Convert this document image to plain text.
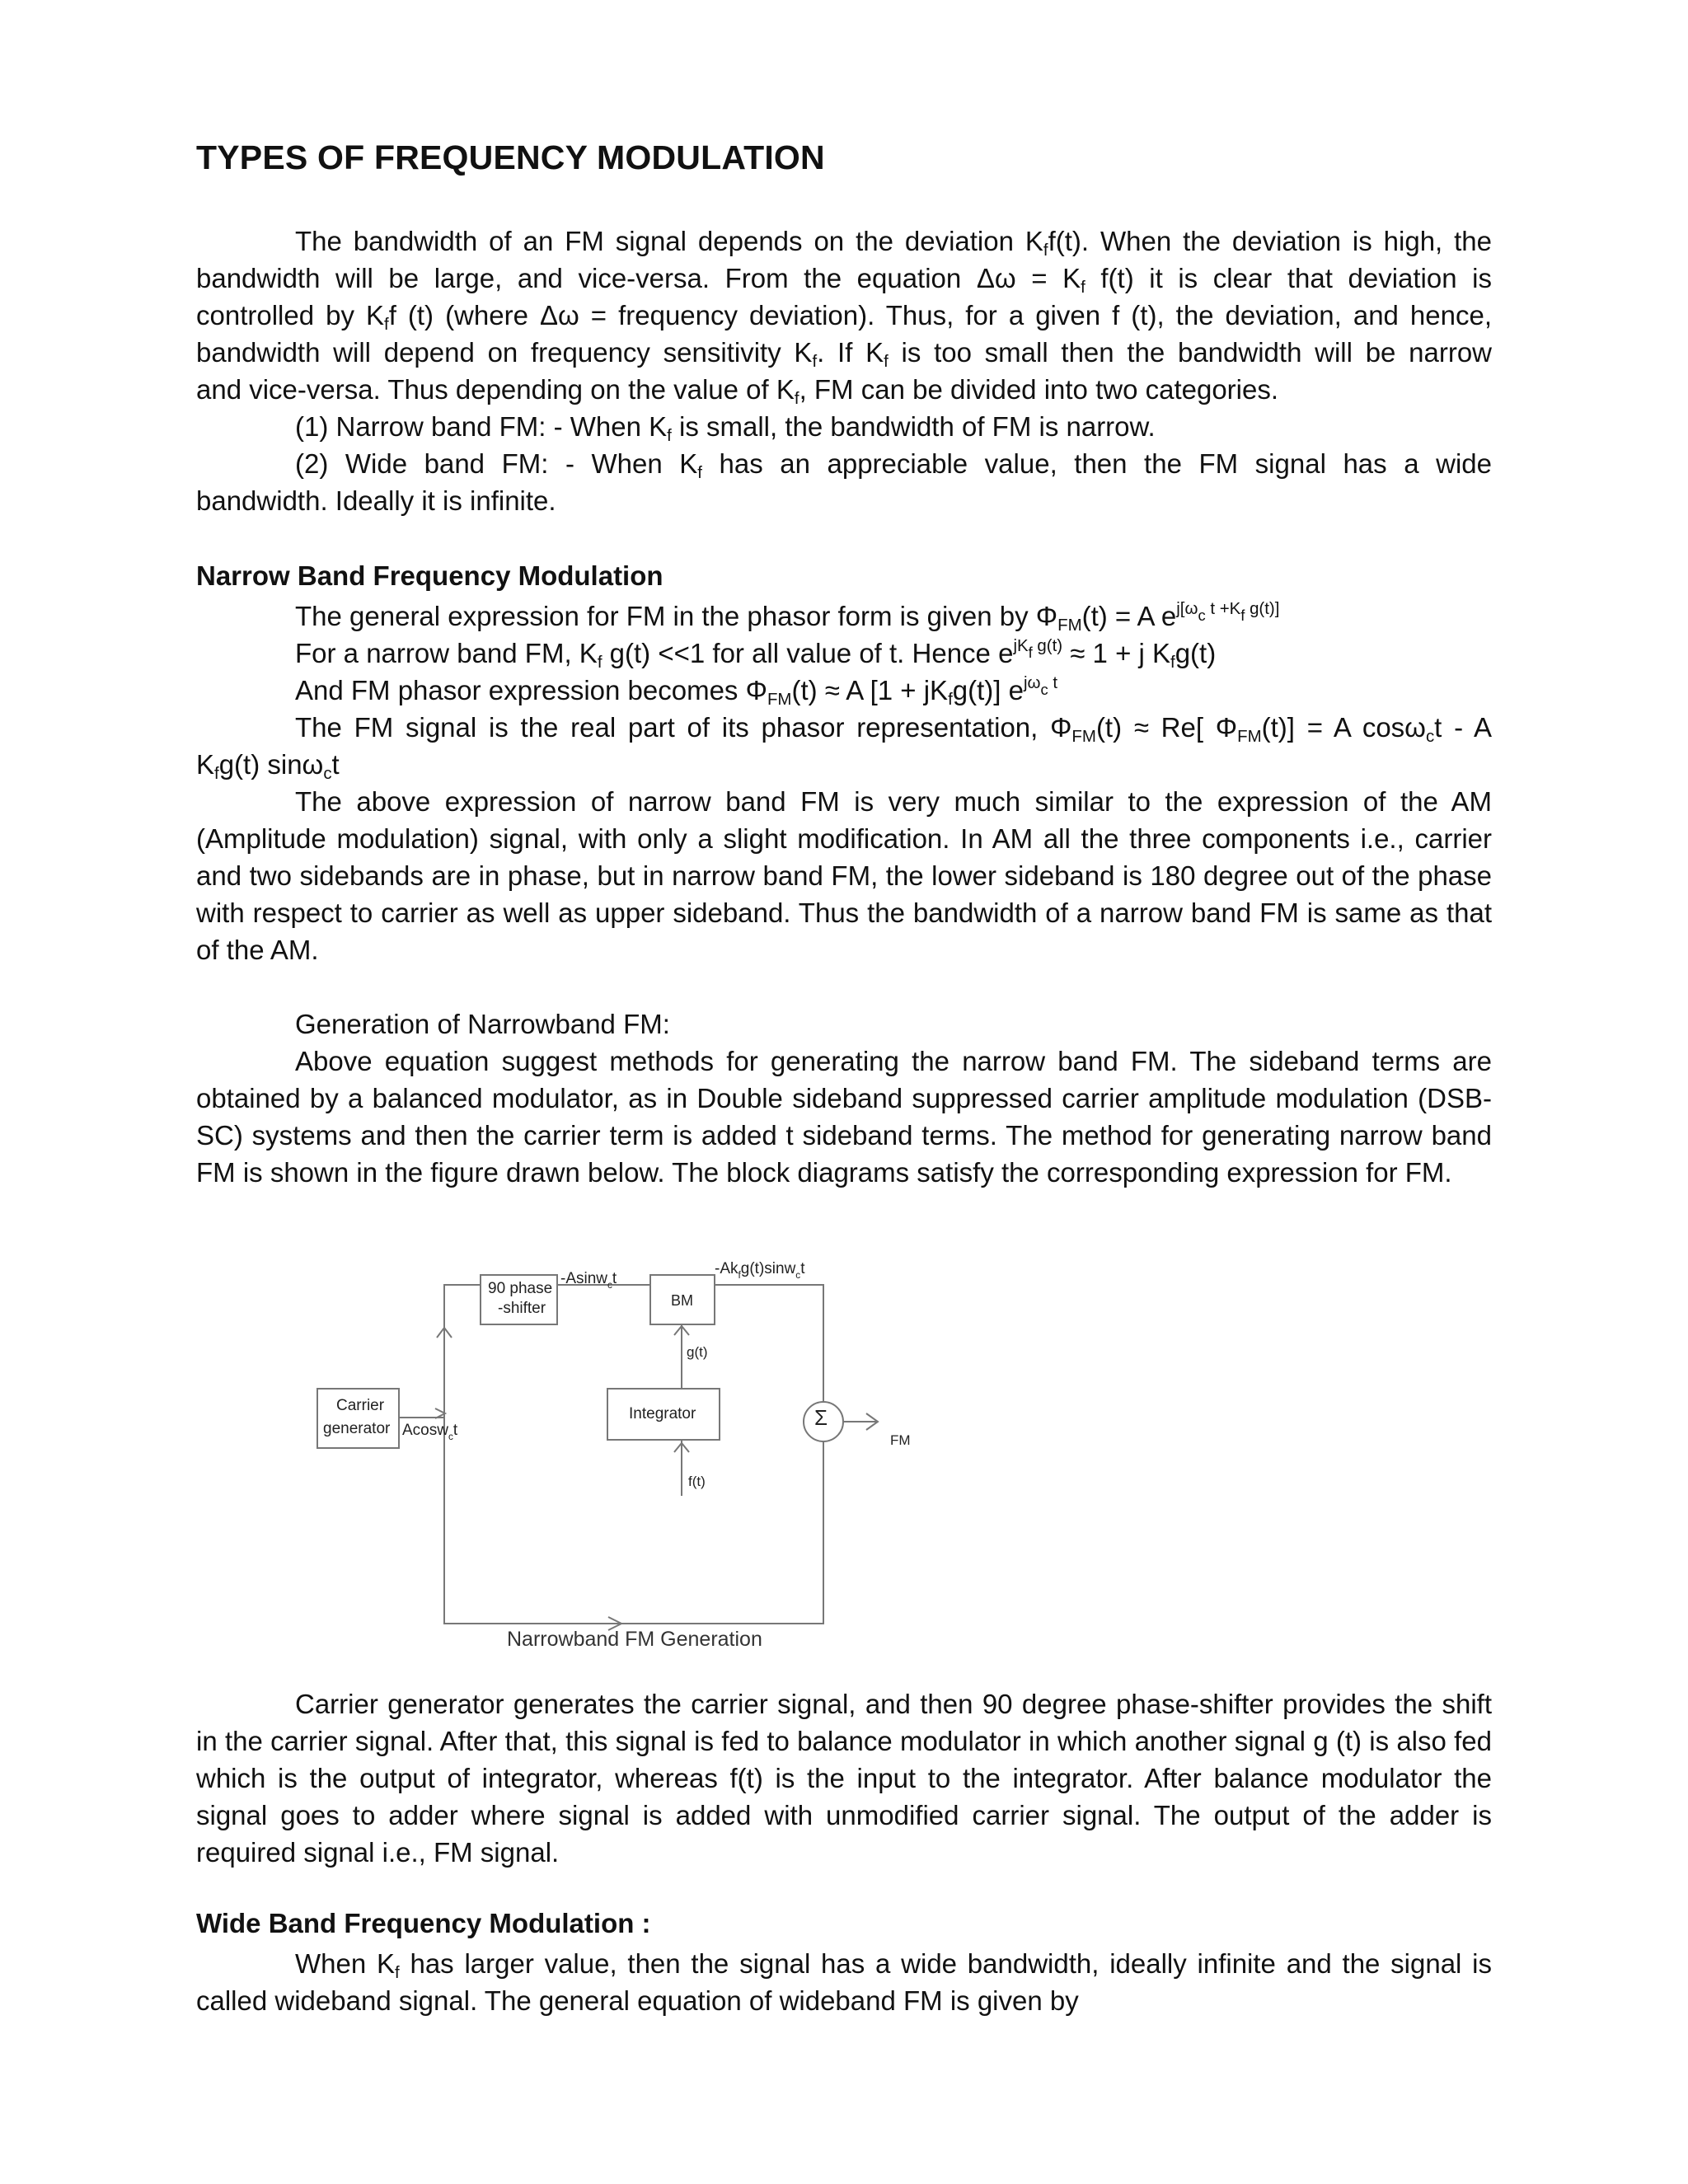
TYPES OF FREQUENCY MODULATION
The bandwidth of an FM signal depends on the deviation $K_ff(t)$. When the deviation is high, the
bandwidth will be large, and vice-versa. From the equation $\Delta\omega = K_f$ f(t) it is clear that deviation is
controlled by $K_ff$ (t) (where Δω = frequency deviation). Thus, for a given f (t), the deviation, and hence,
bandwidth will depend on frequency sensitivity $K_f$. If $K_f$ is too small then the bandwidth will be narrow
and vice-versa. Thus depending on the value of $K_f$, FM can be divided into two categories.
(1) Narrow band FM: - When $K_f$ is small, the bandwidth of FM is narrow.
(2) Wide band FM: - When $K_f$ has an appreciable value, then the FM signal has a wide
bandwidth. Ideally it is infinite.
Narrow Band Frequency Modulation
The general expression for FM in the phasor form is given by $\Phi_{FM}(t) = A$ $e^{j[\omega_c t +K_f g(t)]}$
For a narrow band FM, $K_f$ g(t) <<1 for all value of t. Hence $e^{jK_f g(t)} \approx 1 + j$ $K_fg(t)$
And FM phasor expression becomes $\Phi_{FM}(t) \approx A$ $[1 + jK_fg(t)]$ $e^{j\omega_c t}$
The FM signal is the real part of its phasor representation, $\Phi_{FM}(t) \approx Re$[ $\Phi_{FM}(t)] = A$ cosω$_c$t - A
$K_fg(t)$ sinω$_c$t

The above expression of narrow band FM is very much similar to the expression of the AM (Amplitude modulation) signal, with only a slight modification. In AM all the three components i.e., carrier and two sidebands are in phase, but in narrow band FM, the lower sideband is 180 degree out of the phase with respect to carrier as well as upper sideband. Thus the bandwidth of a narrow band FM is same as that of the AM.

Generation of Narrowband FM:

Above equation suggest methods for generating the narrow band FM. The sideband terms are obtained by a balanced modulator, as in Double sideband suppressed carrier amplitude modulation (DSB-SC) systems and then the carrier term is added t sideband terms. The method for generating narrow band FM is shown in the figure drawn below. The block diagrams satisfy the corresponding expression for FM.

90 phase
-shifter	BM
Integrator
Carrier
generator	Σ
FM
-Asinw$_c$t
$-Ak_fg(t)\sin w_ct$
Acosw$_c$t
g(t)
f(t)
Narrowband FM Generation

Carrier generator generates the carrier signal, and then 90 degree phase-shifter provides the shift in the carrier signal. After that, this signal is fed to balance modulator in which another signal g (t) is also fed which is the output of integrator, whereas f(t) is the input to the integrator. After balance modulator the signal goes to adder where signal is added with unmodified carrier signal. The output of the adder is required signal i.e., FM signal.

Wide Band Frequency Modulation :

When $K_f$ has larger value, then the signal has a wide bandwidth, ideally infinite and the signal is called wideband signal. The general equation of wideband FM is given by
